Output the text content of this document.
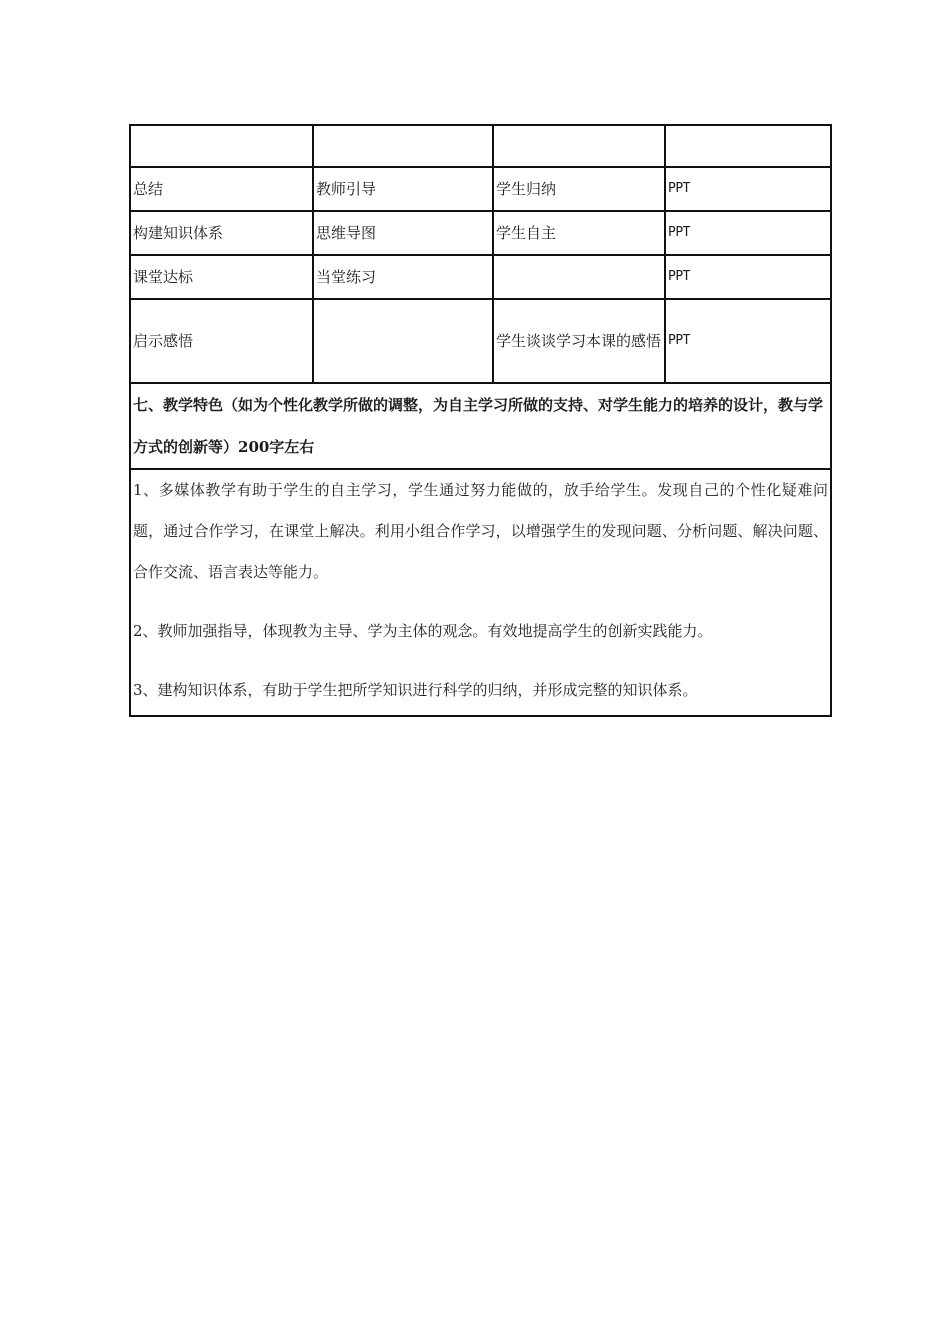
总结	教师引导	学生归纳	PPT
构建知识体系	思维导图	学生自主	PPT
课堂达标	当堂练习		PPT
启示感悟		学生谈谈学习本课的感悟	PPT
七、教学特色（如为个性化教学所做的调整，为自主学习所做的支持、对学生能力的培养的设计，教与学方式的创新等）200字左右			

1、多媒体教学有助于学生的自主学习，学生通过努力能做的，放手给学生。发现自己的个性化疑难问题，通过合作学习，在课堂上解决。利用小组合作学习，以增强学生的发现问题、分析问题、解决问题、合作交流、语言表达等能力。

2、教师加强指导，体现教为主导、学为主体的观念。有效地提高学生的创新实践能力。

3、建构知识体系，有助于学生把所学知识进行科学的归纳，并形成完整的知识体系。			
